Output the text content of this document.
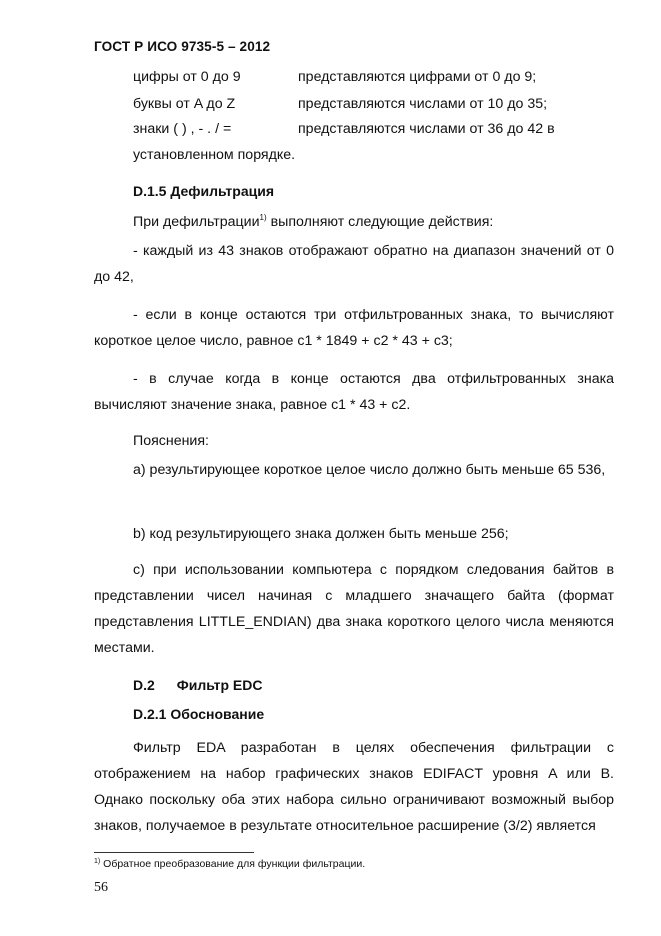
ГОСТ Р ИСО 9735-5 – 2012
цифры от 0 до 9	представляются цифрами от 0 до 9;
буквы от A до Z	представляются числами от 10 до 35;
знаки ( ) , - . / =	представляются числами от 36 до 42 в
установленном порядке.
D.1.5 Дефильтрация
При дефильтрации$^{1)}$ выполняют следующие действия:
- каждый из 43 знаков отображают обратно на диапазон значений от 0 до 42,
- если в конце остаются три отфильтрованных знака, то вычисляют короткое целое число, равное c1 * 1849 + c2 * 43 + c3;
- в случае когда в конце остаются два отфильтрованных знака вычисляют значение знака, равное c1 * 43 + c2.
Пояснения:
a) результирующее короткое целое число должно быть меньше 65 536,
b) код результирующего знака должен быть меньше 256;
c) при использовании компьютера с порядком следования байтов в представлении чисел начиная с младшего значащего байта (формат представления LITTLE_ENDIAN) два знака короткого целого числа меняются местами.
D.2 Фильтр EDC
D.2.1 Обоснование
Фильтр EDA разработан в целях обеспечения фильтрации с отображением на набор графических знаков EDIFACT уровня A или B. Однако поскольку оба этих набора сильно ограничивают возможный выбор знаков, получаемое в результате относительное расширение (3/2) является
$^{1)}$ Обратное преобразование для функции фильтрации.
56
